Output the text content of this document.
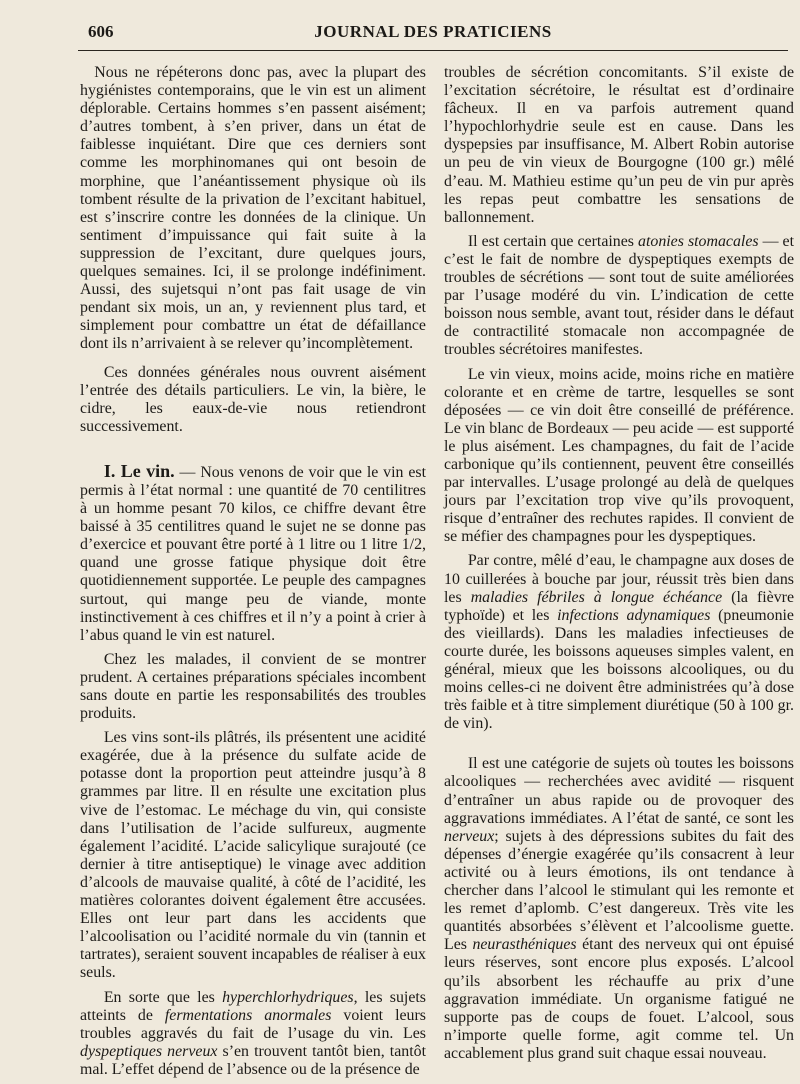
606	JOURNAL DES PRATICIENS

Nous ne répéterons donc pas, avec la plupart des hygiénistes contemporains, que le vin est un aliment déplorable. Certains hommes s’en passent aisément; d’autres tombent, à s’en priver, dans un état de faiblesse inquiétant. Dire que ces derniers sont comme les morphinomanes qui ont besoin de morphine, que l’anéantissement physique où ils tombent résulte de la privation de l’excitant habituel, est s’inscrire contre les données de la clinique. Un sentiment d’impuissance qui fait suite à la suppression de l’excitant, dure quelques jours, quelques semaines. Ici, il se prolonge indéfiniment. Aussi, des sujetsqui n’ont pas fait usage de vin pendant six mois, un an, y reviennent plus tard, et simplement pour combattre un état de défaillance dont ils n’arrivaient à se relever qu’incomplètement.

Ces données générales nous ouvrent aisément l’entrée des détails particuliers. Le vin, la bière, le cidre, les eaux-de-vie nous retiendront successivement.

I. Le vin. — Nous venons de voir que le vin est permis à l’état normal : une quantité de 70 centilitres à un homme pesant 70 kilos, ce chiffre devant être baissé à 35 centilitres quand le sujet ne se donne pas d’exercice et pouvant être porté à 1 litre ou 1 litre 1/2, quand une grosse fatique physique doit être quotidiennement supportée. Le peuple des campagnes surtout, qui mange peu de viande, monte instinctivement à ces chiffres et il n’y a point à crier à l’abus quand le vin est naturel.

Chez les malades, il convient de se montrer prudent. A certaines préparations spéciales incombent sans doute en partie les responsabilités des troubles produits.

Les vins sont-ils plâtrés, ils présentent une acidité exagérée, due à la présence du sulfate acide de potasse dont la proportion peut atteindre jusqu’à 8 grammes par litre. Il en résulte une excitation plus vive de l’estomac. Le méchage du vin, qui consiste dans l’utilisation de l’acide sulfureux, augmente également l’acidité. L’acide salicylique surajouté (ce dernier à titre antiseptique) le vinage avec addition d’alcools de mauvaise qualité, à côté de l’acidité, les matières colorantes doivent également être accusées. Elles ont leur part dans les accidents que l’alcoolisation ou l’acidité normale du vin (tannin et tartrates), seraient souvent incapables de réaliser à eux seuls.

En sorte que les hyperchlorhydriques, les sujets atteints de fermentations anormales voient leurs troubles aggravés du fait de l’usage du vin. Les dyspeptiques nerveux s’en trouvent tantôt bien, tantôt mal. L’effet dépend de l’absence ou de la présence de

troubles de sécrétion concomitants. S’il existe de l’excitation sécrétoire, le résultat est d’ordinaire fâcheux. Il en va parfois autrement quand l’hypochlorhydrie seule est en cause. Dans les dyspepsies par insuffisance, M. Albert Robin autorise un peu de vin vieux de Bourgogne (100 gr.) mêlé d’eau. M. Mathieu estime qu’un peu de vin pur après les repas peut combattre les sensations de ballonnement.

Il est certain que certaines atonies stomacales — et c’est le fait de nombre de dyspeptiques exempts de troubles de sécrétions — sont tout de suite améliorées par l’usage modéré du vin. L’indication de cette boisson nous semble, avant tout, résider dans le défaut de contractilité stomacale non accompagnée de troubles sécrétoires manifestes.

Le vin vieux, moins acide, moins riche en matière colorante et en crème de tartre, lesquelles se sont déposées — ce vin doit être conseillé de préférence. Le vin blanc de Bordeaux — peu acide — est supporté le plus aisément. Les champagnes, du fait de l’acide carbonique qu’ils contiennent, peuvent être conseillés par intervalles. L’usage prolongé au delà de quelques jours par l’excitation trop vive qu’ils provoquent, risque d’entraîner des rechutes rapides. Il convient de se méfier des champagnes pour les dyspeptiques.

Par contre, mêlé d’eau, le champagne aux doses de 10 cuillerées à bouche par jour, réussit très bien dans les maladies fébriles à longue échéance (la fièvre typhoïde) et les infections adynamiques (pneumonie des vieillards). Dans les maladies infectieuses de courte durée, les boissons aqueuses simples valent, en général, mieux que les boissons alcooliques, ou du moins celles-ci ne doivent être administrées qu’à dose très faible et à titre simplement diurétique (50 à 100 gr. de vin).

Il est une catégorie de sujets où toutes les boissons alcooliques — recherchées avec avidité — risquent d’entraîner un abus rapide ou de provoquer des aggravations immédiates. A l’état de santé, ce sont les nerveux; sujets à des dépressions subites du fait des dépenses d’énergie exagérée qu’ils consacrent à leur activité ou à leurs émotions, ils ont tendance à chercher dans l’alcool le stimulant qui les remonte et les remet d’aplomb. C’est dangereux. Très vite les quantités absorbées s’élèvent et l’alcoolisme guette. Les neurasthéniques étant des nerveux qui ont épuisé leurs réserves, sont encore plus exposés. L’alcool qu’ils absorbent les réchauffe au prix d’une aggravation immédiate. Un organisme fatigué ne supporte pas de coups de fouet. L’alcool, sous n’importe quelle forme, agit comme tel. Un accablement plus grand suit chaque essai nouveau.
